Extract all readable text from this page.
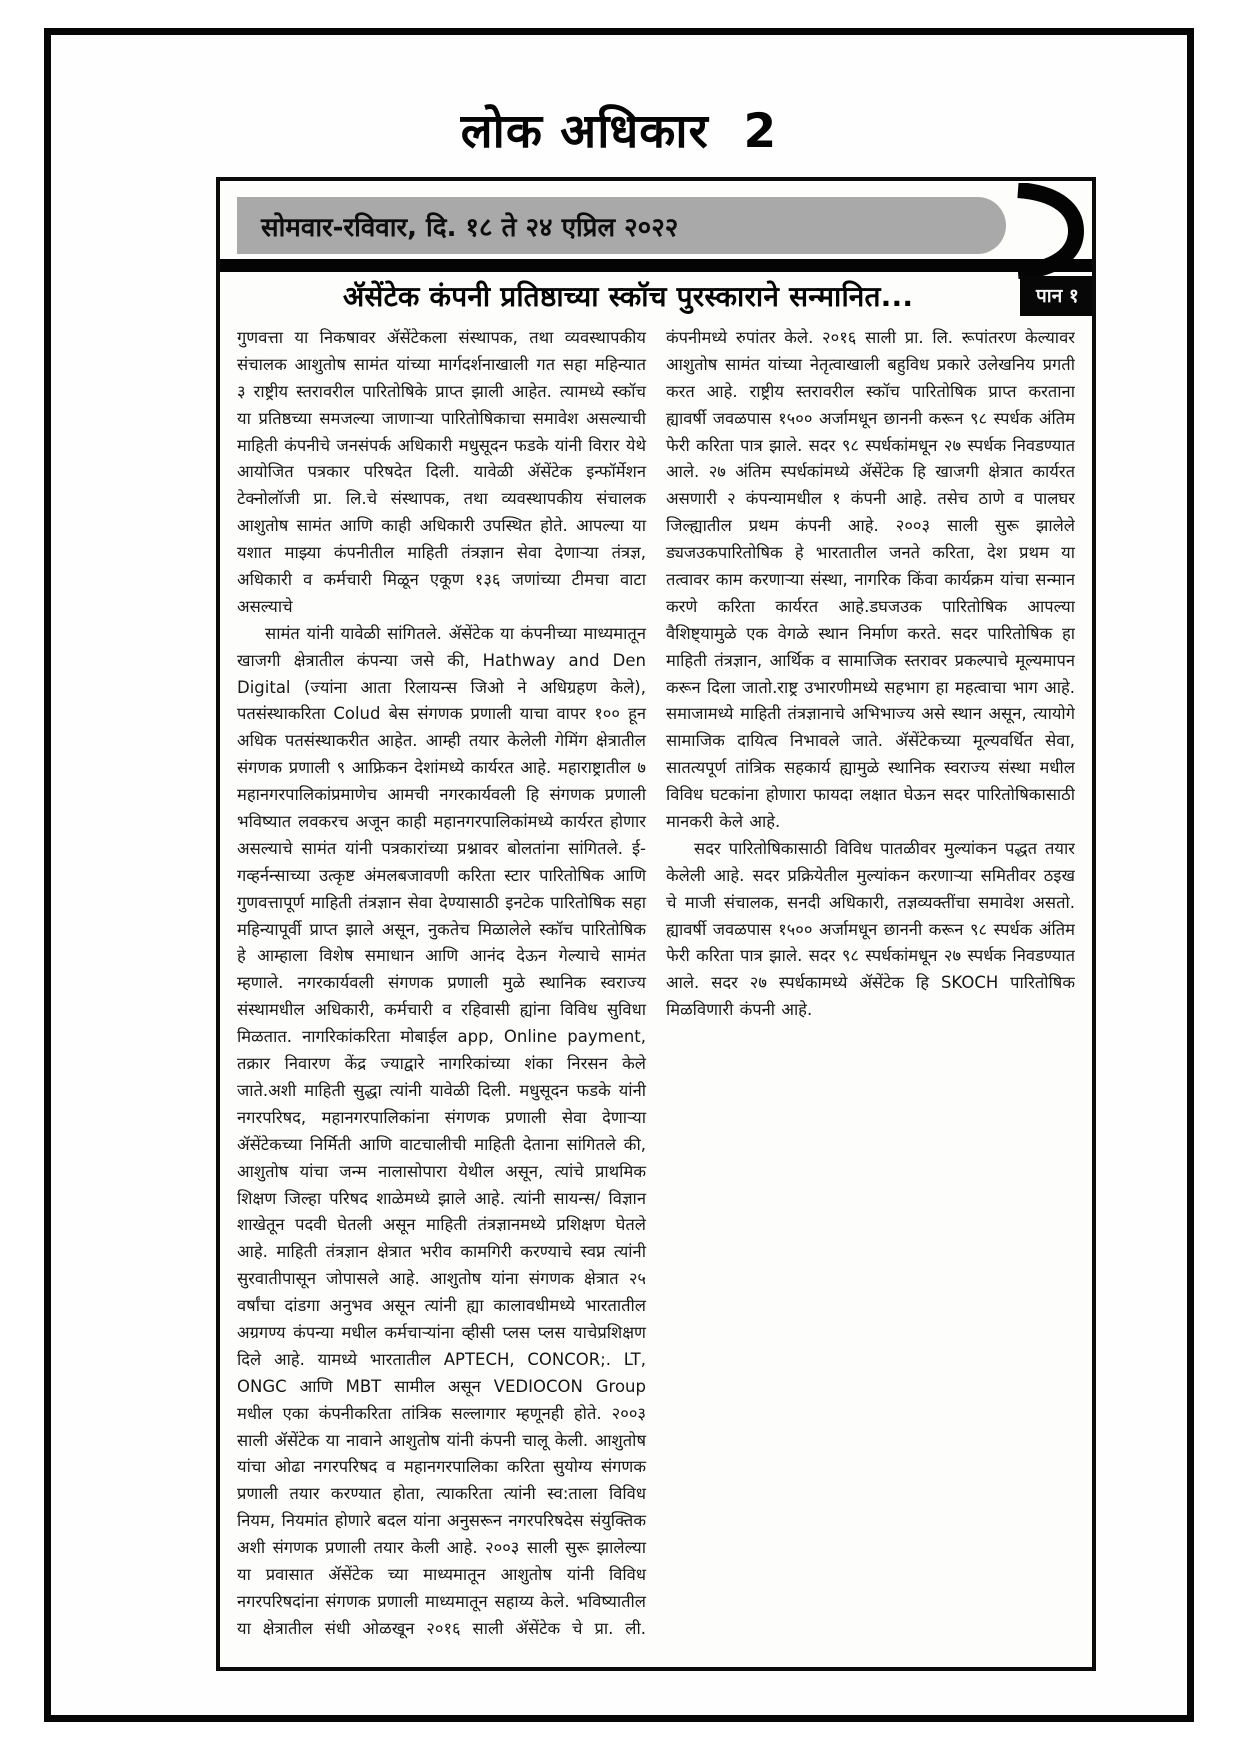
लोक अधिकार  2
सोमवार-रविवार, दि. १८ ते २४ एप्रिल २०२२
ॲसेंटेक कंपनी प्रतिष्ठाच्या स्कॉच पुरस्काराने सन्मानित...	पान १

गुणवत्ता या निकषावर ॲसेंटेकला संस्थापक, तथा व्यवस्थापकीय संचालक आशुतोष सामंत यांच्या मार्गदर्शनाखाली गत सहा महिन्यात ३ राष्ट्रीय स्तरावरील पारितोषिके प्राप्त झाली आहेत. त्यामध्ये स्कॉच या प्रतिष्ठच्या समजल्या जाणाऱ्या पारितोषिकाचा समावेश असल्याची माहिती कंपनीचे जनसंपर्क अधिकारी मधुसूदन फडके यांनी विरार येथे आयोजित पत्रकार परिषदेत दिली. यावेळी ॲसेंटेक इन्फॉर्मेशन टेक्नोलॉजी प्रा. लि.चे संस्थापक, तथा व्यवस्थापकीय संचालक आशुतोष सामंत आणि काही अधिकारी उपस्थित होते. आपल्या या यशात माझ्या कंपनीतील माहिती तंत्रज्ञान सेवा देणाऱ्या तंत्रज्ञ, अधिकारी व कर्मचारी मिळून एकूण १३६ जणांच्या टीमचा वाटा असल्याचे

सामंत यांनी यावेळी सांगितले. ॲसेंटेक या कंपनीच्या माध्यमातून खाजगी क्षेत्रातील कंपन्या जसे की, Hathway and Den Digital (ज्यांना आता रिलायन्स जिओ ने अधिग्रहण केले), पतसंस्थाकरिता Colud बेस संगणक प्रणाली याचा वापर १०० हून अधिक पतसंस्थाकरीत आहेत. आम्ही तयार केलेली गेमिंग क्षेत्रातील संगणक प्रणाली ९ आफ्रिकन देशांमध्ये कार्यरत आहे. महाराष्ट्रातील ७ महानगरपालिकांप्रमाणेच आमची नगरकार्यवली हि संगणक प्रणाली भविष्यात लवकरच अजून काही महानगरपालिकांमध्ये कार्यरत होणार असल्याचे सामंत यांनी पत्रकारांच्या प्रश्नावर बोलतांना सांगितले. ई-गव्हर्नन्साच्या उत्कृष्ट अंमलबजावणी करिता स्टार पारितोषिक आणि गुणवत्तापूर्ण माहिती तंत्रज्ञान सेवा देण्यासाठी इनटेक पारितोषिक सहा महिन्यापूर्वी प्राप्त झाले असून, नुकतेच मिळालेले स्कॉच पारितोषिक हे आम्हाला विशेष समाधान आणि आनंद देऊन गेल्याचे सामंत म्हणाले. नगरकार्यवली संगणक प्रणाली मुळे स्थानिक स्वराज्य संस्थामधील अधिकारी, कर्मचारी व रहिवासी ह्यांना विविध सुविधा मिळतात. नागरिकांकरिता मोबाईल app, Online payment, तक्रार निवारण केंद्र ज्याद्वारे नागरिकांच्या शंका निरसन केले जाते.अशी माहिती सुद्धा त्यांनी यावेळी दिली. मधुसूदन फडके यांनी नगरपरिषद, महानगरपालिकांना संगणक प्रणाली सेवा देणाऱ्या ॲसेंटेकच्या निर्मिती आणि वाटचालीची माहिती देताना सांगितले की, आशुतोष यांचा जन्म नालासोपारा येथील असून, त्यांचे प्राथमिक शिक्षण जिल्हा परिषद शाळेमध्ये झाले आहे. त्यांनी सायन्स/ विज्ञान शाखेतून पदवी घेतली असून माहिती तंत्रज्ञानमध्ये प्रशिक्षण घेतले आहे. माहिती तंत्रज्ञान क्षेत्रात भरीव कामगिरी करण्याचे स्वप्न त्यांनी सुरवातीपासून जोपासले आहे. आशुतोष यांना संगणक क्षेत्रात २५ वर्षांचा दांडगा अनुभव असून त्यांनी ह्या कालावधीमध्ये भारतातील अग्रगण्य कंपन्या मधील कर्मचाऱ्यांना व्हीसी प्लस प्लस याचेप्रशिक्षण दिले आहे. यामध्ये भारतातील APTECH, CONCOR;. LT, ONGC आणि MBT सामील असून VEDIOCON Group मधील एका कंपनीकरिता तांत्रिक सल्लागार म्हणूनही होते. २००३ साली ॲसेंटेक या नावाने आशुतोष यांनी कंपनी चालू केली. आशुतोष यांचा ओढा नगरपरिषद व महानगरपालिका करिता सुयोग्य संगणक प्रणाली तयार करण्यात होता, त्याकरिता त्यांनी स्व:ताला विविध नियम, नियमांत होणारे बदल यांना अनुसरून नगरपरिषदेस संयुक्तिक अशी संगणक प्रणाली तयार केली आहे. २००३ साली सुरू झालेल्या या प्रवासात ॲसेंटेक च्या माध्यमातून आशुतोष यांनी विविध नगरपरिषदांना संगणक प्रणाली माध्यमातून सहाय्य केले. भविष्यातील या क्षेत्रातील संधी ओळखून २०१६ साली ॲसेंटेक चे प्रा. ली. कंपनीमध्ये रुपांतर केले. २०१६ साली प्रा. लि. रूपांतरण केल्यावर आशुतोष सामंत यांच्या नेतृत्वाखाली बहुविध प्रकारे उलेखनिय प्रगती करत आहे. राष्ट्रीय स्तरावरील स्कॉच पारितोषिक प्राप्त करताना ह्यावर्षी जवळपास १५०० अर्जामधून छाननी करून ९८ स्पर्धक अंतिम फेरी करिता पात्र झाले. सदर ९८ स्पर्धकांमधून २७ स्पर्धक निवडण्यात आले. २७ अंतिम स्पर्धकांमध्ये ॲसेंटेक हि खाजगी क्षेत्रात कार्यरत असणारी २ कंपन्यामधील १ कंपनी आहे. तसेच ठाणे व पालघर जिल्ह्यातील प्रथम कंपनी आहे. २००३ साली सुरू झालेले ड्यजउकपारितोषिक हे भारतातील जनते करिता, देश प्रथम या तत्वावर काम करणाऱ्या संस्था, नागरिक किंवा कार्यक्रम यांचा सन्मान करणे करिता कार्यरत आहे.डघजउक पारितोषिक आपल्या वैशिष्ट्यामुळे एक वेगळे स्थान निर्माण करते. सदर पारितोषिक हा माहिती तंत्रज्ञान, आर्थिक व सामाजिक स्तरावर प्रकल्पाचे मूल्यमापन करून दिला जातो.राष्ट्र उभारणीमध्ये सहभाग हा महत्वाचा भाग आहे. समाजामध्ये माहिती तंत्रज्ञानाचे अभिभाज्य असे स्थान असून, त्यायोगे सामाजिक दायित्व निभावले जाते. ॲसेंटेकच्या मूल्यवर्धित सेवा, सातत्यपूर्ण तांत्रिक सहकार्य ह्यामुळे स्थानिक स्वराज्य संस्था मधील विविध घटकांना होणारा फायदा लक्षात घेऊन सदर पारितोषिकासाठी मानकरी केले आहे.

सदर पारितोषिकासाठी विविध पातळीवर मुल्यांकन पद्धत तयार केलेली आहे. सदर प्रक्रियेतील मुल्यांकन करणाऱ्या समितीवर ठइख चे माजी संचालक, सनदी अधिकारी, तज्ञव्यक्तींचा समावेश असतो. ह्यावर्षी जवळपास १५०० अर्जामधून छाननी करून ९८ स्पर्धक अंतिम फेरी करिता पात्र झाले. सदर ९८ स्पर्धकांमधून २७ स्पर्धक निवडण्यात आले. सदर २७ स्पर्धकामध्ये ॲसेंटेक हि SKOCH पारितोषिक मिळविणारी कंपनी आहे.
